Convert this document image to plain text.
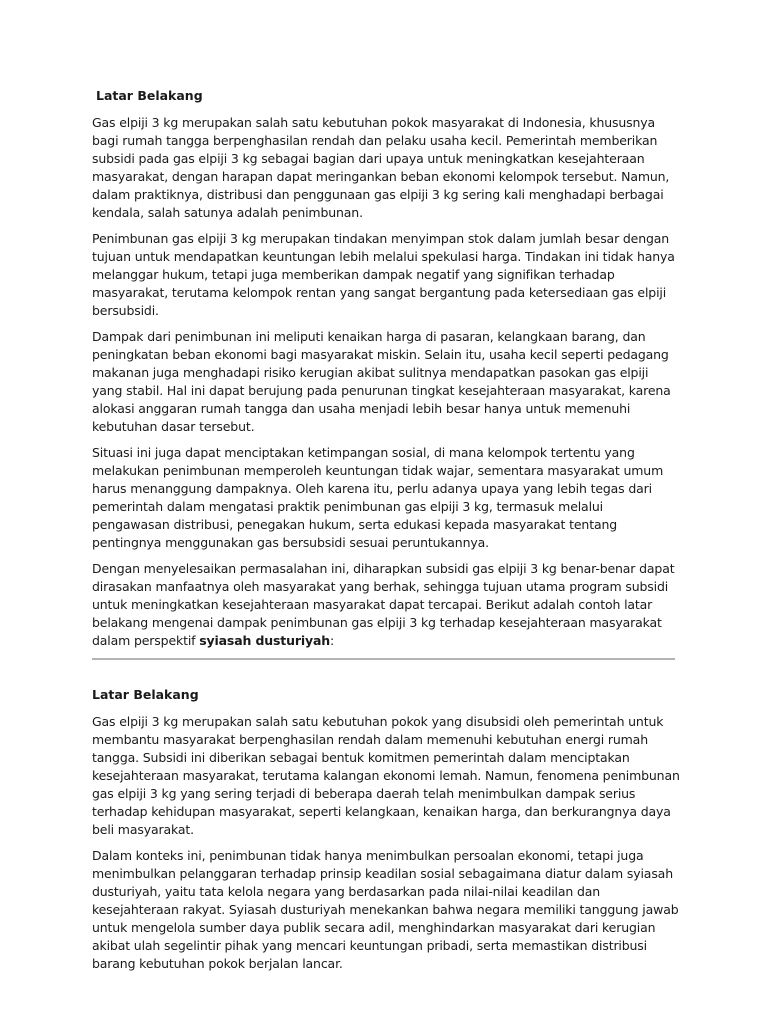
Latar Belakang

Gas elpiji 3 kg merupakan salah satu kebutuhan pokok masyarakat di Indonesia, khususnya bagi rumah tangga berpenghasilan rendah dan pelaku usaha kecil. Pemerintah memberikan subsidi pada gas elpiji 3 kg sebagai bagian dari upaya untuk meningkatkan kesejahteraan masyarakat, dengan harapan dapat meringankan beban ekonomi kelompok tersebut. Namun, dalam praktiknya, distribusi dan penggunaan gas elpiji 3 kg sering kali menghadapi berbagai kendala, salah satunya adalah penimbunan.

Penimbunan gas elpiji 3 kg merupakan tindakan menyimpan stok dalam jumlah besar dengan tujuan untuk mendapatkan keuntungan lebih melalui spekulasi harga. Tindakan ini tidak hanya melanggar hukum, tetapi juga memberikan dampak negatif yang signifikan terhadap masyarakat, terutama kelompok rentan yang sangat bergantung pada ketersediaan gas elpiji bersubsidi.

Dampak dari penimbunan ini meliputi kenaikan harga di pasaran, kelangkaan barang, dan peningkatan beban ekonomi bagi masyarakat miskin. Selain itu, usaha kecil seperti pedagang makanan juga menghadapi risiko kerugian akibat sulitnya mendapatkan pasokan gas elpiji yang stabil. Hal ini dapat berujung pada penurunan tingkat kesejahteraan masyarakat, karena alokasi anggaran rumah tangga dan usaha menjadi lebih besar hanya untuk memenuhi kebutuhan dasar tersebut.

Situasi ini juga dapat menciptakan ketimpangan sosial, di mana kelompok tertentu yang melakukan penimbunan memperoleh keuntungan tidak wajar, sementara masyarakat umum harus menanggung dampaknya. Oleh karena itu, perlu adanya upaya yang lebih tegas dari pemerintah dalam mengatasi praktik penimbunan gas elpiji 3 kg, termasuk melalui pengawasan distribusi, penegakan hukum, serta edukasi kepada masyarakat tentang pentingnya menggunakan gas bersubsidi sesuai peruntukannya.

Dengan menyelesaikan permasalahan ini, diharapkan subsidi gas elpiji 3 kg benar-benar dapat dirasakan manfaatnya oleh masyarakat yang berhak, sehingga tujuan utama program subsidi untuk meningkatkan kesejahteraan masyarakat dapat tercapai. Berikut adalah contoh latar belakang mengenai dampak penimbunan gas elpiji 3 kg terhadap kesejahteraan masyarakat dalam perspektif syiasah dusturiyah:

Latar Belakang

Gas elpiji 3 kg merupakan salah satu kebutuhan pokok yang disubsidi oleh pemerintah untuk membantu masyarakat berpenghasilan rendah dalam memenuhi kebutuhan energi rumah tangga. Subsidi ini diberikan sebagai bentuk komitmen pemerintah dalam menciptakan kesejahteraan masyarakat, terutama kalangan ekonomi lemah. Namun, fenomena penimbunan gas elpiji 3 kg yang sering terjadi di beberapa daerah telah menimbulkan dampak serius terhadap kehidupan masyarakat, seperti kelangkaan, kenaikan harga, dan berkurangnya daya beli masyarakat.

Dalam konteks ini, penimbunan tidak hanya menimbulkan persoalan ekonomi, tetapi juga menimbulkan pelanggaran terhadap prinsip keadilan sosial sebagaimana diatur dalam syiasah dusturiyah, yaitu tata kelola negara yang berdasarkan pada nilai-nilai keadilan dan kesejahteraan rakyat. Syiasah dusturiyah menekankan bahwa negara memiliki tanggung jawab untuk mengelola sumber daya publik secara adil, menghindarkan masyarakat dari kerugian akibat ulah segelintir pihak yang mencari keuntungan pribadi, serta memastikan distribusi barang kebutuhan pokok berjalan lancar.
